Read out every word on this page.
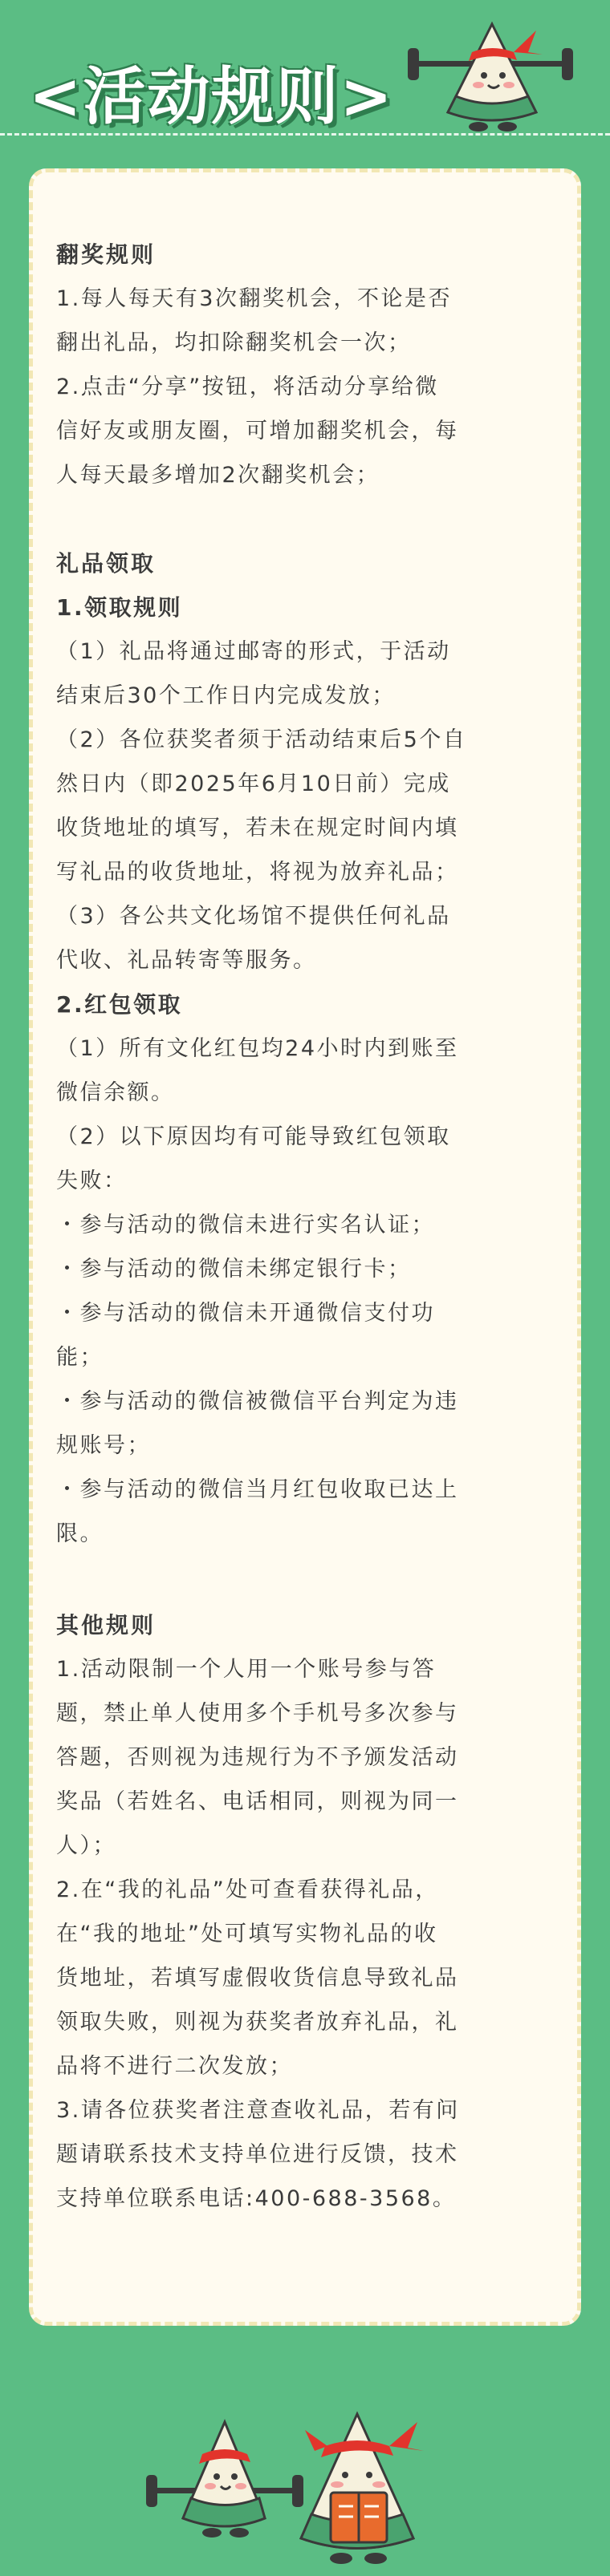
<活动规则>

翻奖规则

1.每人每天有3次翻奖机会，不论是否

翻出礼品，均扣除翻奖机会一次；

2.点击“分享”按钮，将活动分享给微

信好友或朋友圈，可增加翻奖机会，每

人每天最多增加2次翻奖机会；

礼品领取

1.领取规则

（1）礼品将通过邮寄的形式，于活动

结束后30个工作日内完成发放；

（2）各位获奖者须于活动结束后5个自

然日内（即2025年6月10日前）完成

收货地址的填写，若未在规定时间内填

写礼品的收货地址，将视为放弃礼品；

（3）各公共文化场馆不提供任何礼品

代收、礼品转寄等服务。

2.红包领取

（1）所有文化红包均24小时内到账至

微信余额。

（2）以下原因均有可能导致红包领取

失败：

・参与活动的微信未进行实名认证；

・参与活动的微信未绑定银行卡；

・参与活动的微信未开通微信支付功

能；

・参与活动的微信被微信平台判定为违

规账号；

・参与活动的微信当月红包收取已达上

限。

其他规则

1.活动限制一个人用一个账号参与答

题，禁止单人使用多个手机号多次参与

答题，否则视为违规行为不予颁发活动

奖品（若姓名、电话相同，则视为同一

人）；

2.在“我的礼品”处可查看获得礼品，

在“我的地址”处可填写实物礼品的收

货地址，若填写虚假收货信息导致礼品

领取失败，则视为获奖者放弃礼品，礼

品将不进行二次发放；

3.请各位获奖者注意查收礼品，若有问

题请联系技术支持单位进行反馈，技术

支持单位联系电话:400-688-3568。
